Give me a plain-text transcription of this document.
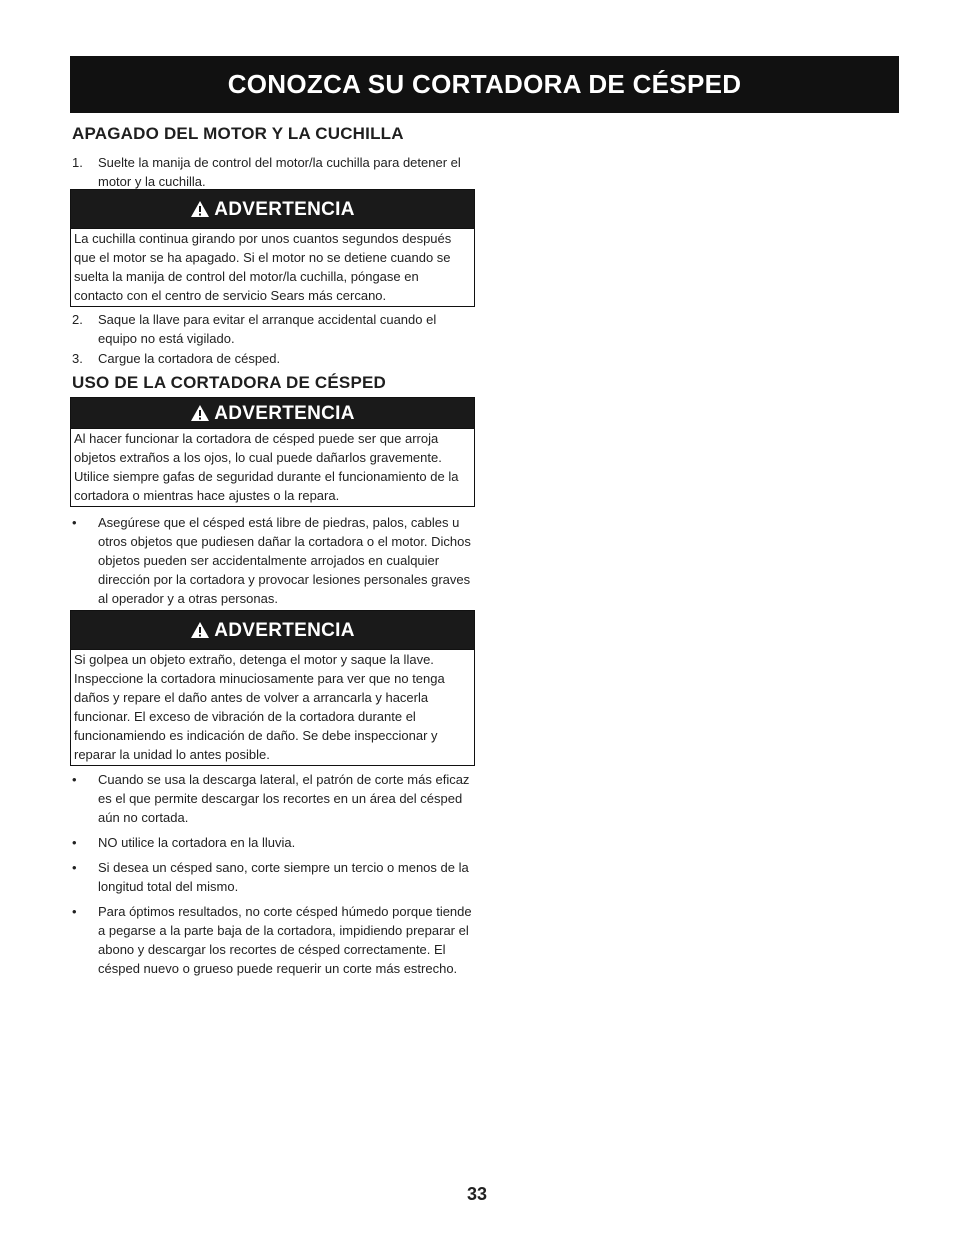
CONOZCA SU CORTADORA DE CÉSPED
APAGADO DEL MOTOR Y LA CUCHILLA
1.	Suelte la manija de control del motor/la cuchilla para detener el motor y la cuchilla.
ADVERTENCIA
La cuchilla continua girando por unos cuantos segundos después que el motor se ha apagado. Si el motor no se detiene cuando se suelta la manija de control del motor/la cuchilla, póngase en contacto con el centro de servicio Sears más cercano.
2.	Saque la llave para evitar el arranque accidental cuando el equipo no está vigilado.
3.	Cargue la cortadora de césped.
USO DE LA CORTADORA DE CÉSPED
ADVERTENCIA
Al hacer funcionar la cortadora de césped puede ser que arroja objetos extraños a los ojos, lo cual puede dañarlos gravemente. Utilice siempre gafas de seguridad durante el funcionamiento de la cortadora o mientras hace ajustes o la repara.
•	Asegúrese que el césped está libre de piedras, palos, cables u otros objetos que pudiesen dañar la cortadora o el motor. Dichos objetos pueden ser accidentalmente arrojados en cualquier dirección por la cortadora y provocar lesiones personales graves al operador y a otras personas.
ADVERTENCIA
Si golpea un objeto extraño, detenga el motor y saque la llave. Inspeccione la cortadora minuciosamente para ver que no tenga daños y repare el daño antes de volver a arrancarla y hacerla funcionar. El exceso de vibración de la cortadora durante el funcionamiendo es indicación de daño. Se debe inspeccionar y reparar la unidad lo antes posible.
•	Cuando se usa la descarga lateral, el patrón de corte más eficaz es el que permite descargar los recortes en un área del césped aún no cortada.
•	NO utilice la cortadora en la lluvia.
•	Si desea un césped sano, corte siempre un tercio o menos de la longitud total del mismo.
•	Para óptimos resultados, no corte césped húmedo porque tiende a pegarse a la parte baja de la cortadora, impidiendo preparar el abono y descargar los recortes de césped correctamente. El césped nuevo o grueso puede requerir un corte más estrecho.
33
